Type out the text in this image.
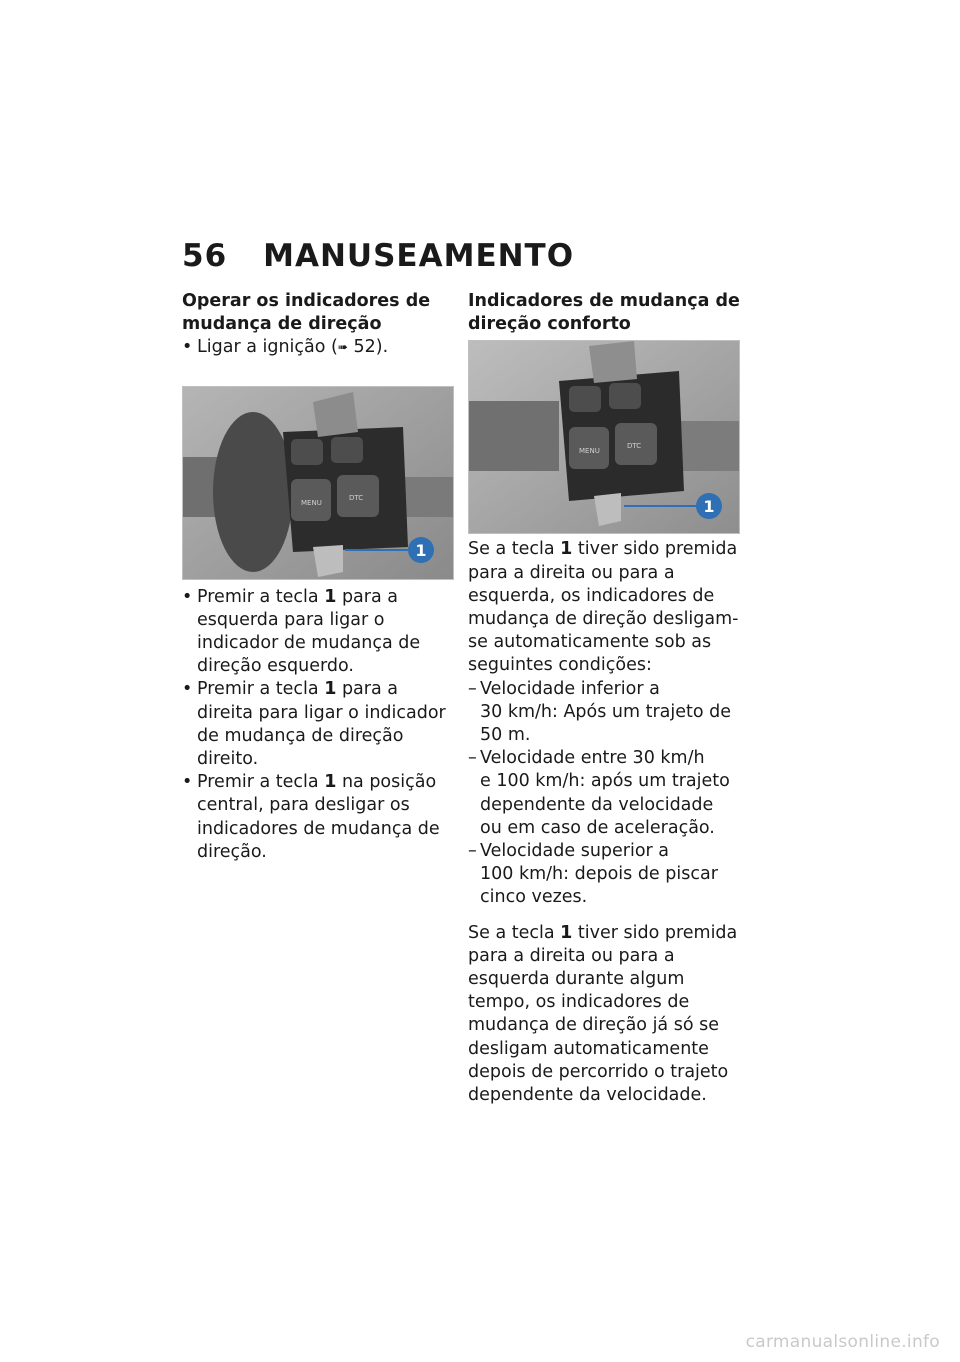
56 MANUSEAMENTO
Operar os indicadores de mudança de direção
• Ligar a ignição (➠ 52).
MENU
DTC
1
• Premir a tecla 1 para a esquerda para ligar o indicador de mudança de direção esquerdo.
• Premir a tecla 1 para a direita para ligar o indicador de mudança de direção direito.
• Premir a tecla 1 na posição central, para desligar os indicadores de mudança de direção.
Indicadores de mudança de direção conforto
MENU
DTC
1

Se a tecla 1 tiver sido premida para a direita ou para a esquerda, os indicadores de mudança de direção desligam-se automaticamente sob as seguintes condições:

– Velocidade inferior a
30 km/h: Após um trajeto de 50 m.
– Velocidade entre 30 km/h
e 100 km/h: após um trajeto dependente da velocidade ou em caso de aceleração.
– Velocidade superior a
100 km/h: depois de piscar cinco vezes.

Se a tecla 1 tiver sido premida para a direita ou para a esquerda durante algum tempo, os indicadores de mudança de direção já só se desligam automaticamente depois de percorrido o trajeto dependente da velocidade.

carmanualsonline.info
